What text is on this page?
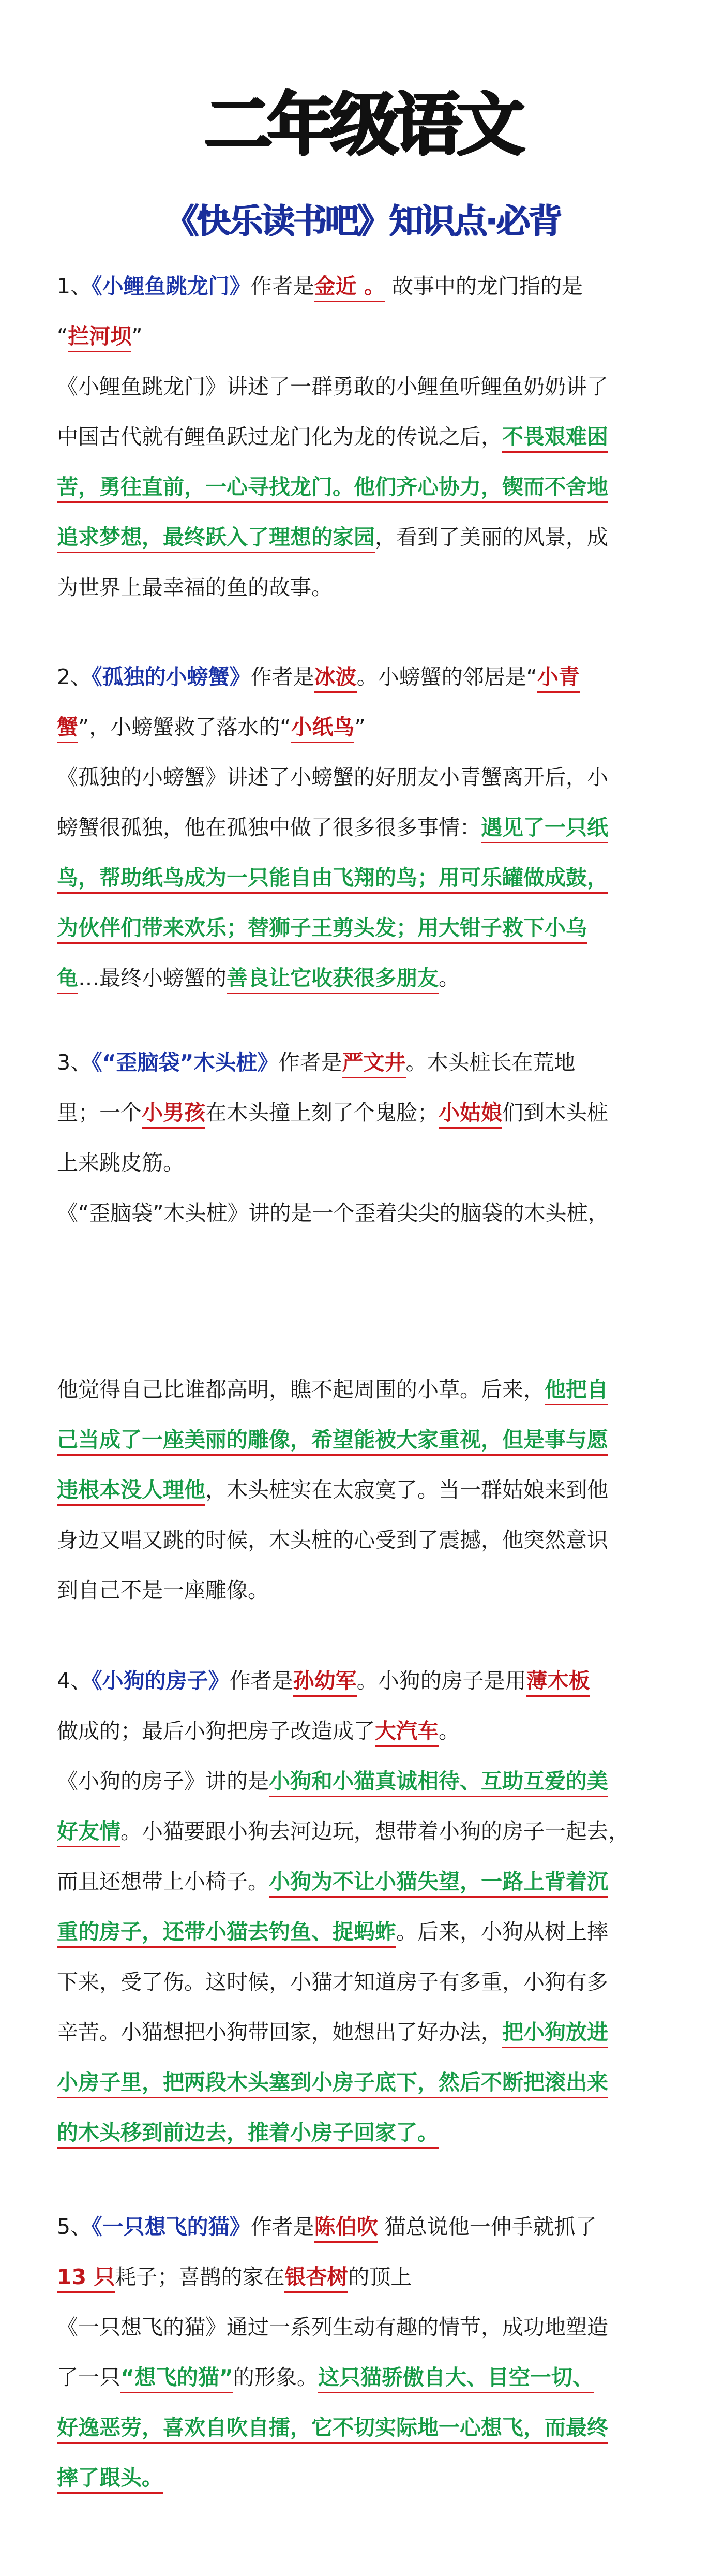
二年级语文
《快乐读书吧》知识点·必背
1、《小鲤鱼跳龙门》作者是金近 。 故事中的龙门指的是
“拦河坝”
《小鲤鱼跳龙门》讲述了一群勇敢的小鲤鱼听鲤鱼奶奶讲了
中国古代就有鲤鱼跃过龙门化为龙的传说之后，不畏艰难困
苦，勇往直前，一心寻找龙门。他们齐心协力，锲而不舍地
追求梦想，最终跃入了理想的家园，看到了美丽的风景，成
为世界上最幸福的鱼的故事。
2、《孤独的小螃蟹》作者是冰波。小螃蟹的邻居是“小青
蟹”，小螃蟹救了落水的“小纸鸟”
《孤独的小螃蟹》讲述了小螃蟹的好朋友小青蟹离开后，小
螃蟹很孤独，他在孤独中做了很多很多事情：遇见了一只纸
鸟，帮助纸鸟成为一只能自由飞翔的鸟；用可乐罐做成鼓，
为伙伴们带来欢乐；替狮子王剪头发；用大钳子救下小乌
龟…最终小螃蟹的善良让它收获很多朋友。
3、《“歪脑袋”木头桩》作者是严文井。木头桩长在荒地
里；一个小男孩在木头撞上刻了个鬼脸；小姑娘们到木头桩
上来跳皮筋。
《“歪脑袋”木头桩》讲的是一个歪着尖尖的脑袋的木头桩，
他觉得自己比谁都高明，瞧不起周围的小草。后来，他把自
己当成了一座美丽的雕像，希望能被大家重视，但是事与愿
违根本没人理他，木头桩实在太寂寞了。当一群姑娘来到他
身边又唱又跳的时候，木头桩的心受到了震撼，他突然意识
到自己不是一座雕像。
4、《小狗的房子》作者是孙幼军。小狗的房子是用薄木板
做成的；最后小狗把房子改造成了大汽车。
《小狗的房子》讲的是小狗和小猫真诚相待、互助互爱的美
好友情。小猫要跟小狗去河边玩，想带着小狗的房子一起去，
而且还想带上小椅子。小狗为不让小猫失望，一路上背着沉
重的房子，还带小猫去钓鱼、捉蚂蚱。后来，小狗从树上摔
下来，受了伤。这时候，小猫才知道房子有多重，小狗有多
辛苦。小猫想把小狗带回家，她想出了好办法，把小狗放进
小房子里，把两段木头塞到小房子底下，然后不断把滚出来
的木头移到前边去，推着小房子回家了。
5、《一只想飞的猫》作者是陈伯吹 猫总说他一伸手就抓了
13 只耗子；喜鹊的家在银杏树的顶上
《一只想飞的猫》通过一系列生动有趣的情节，成功地塑造
了一只“想飞的猫”的形象。这只猫骄傲自大、目空一切、
好逸恶劳，喜欢自吹自擂，它不切实际地一心想飞，而最终
摔了跟头。
